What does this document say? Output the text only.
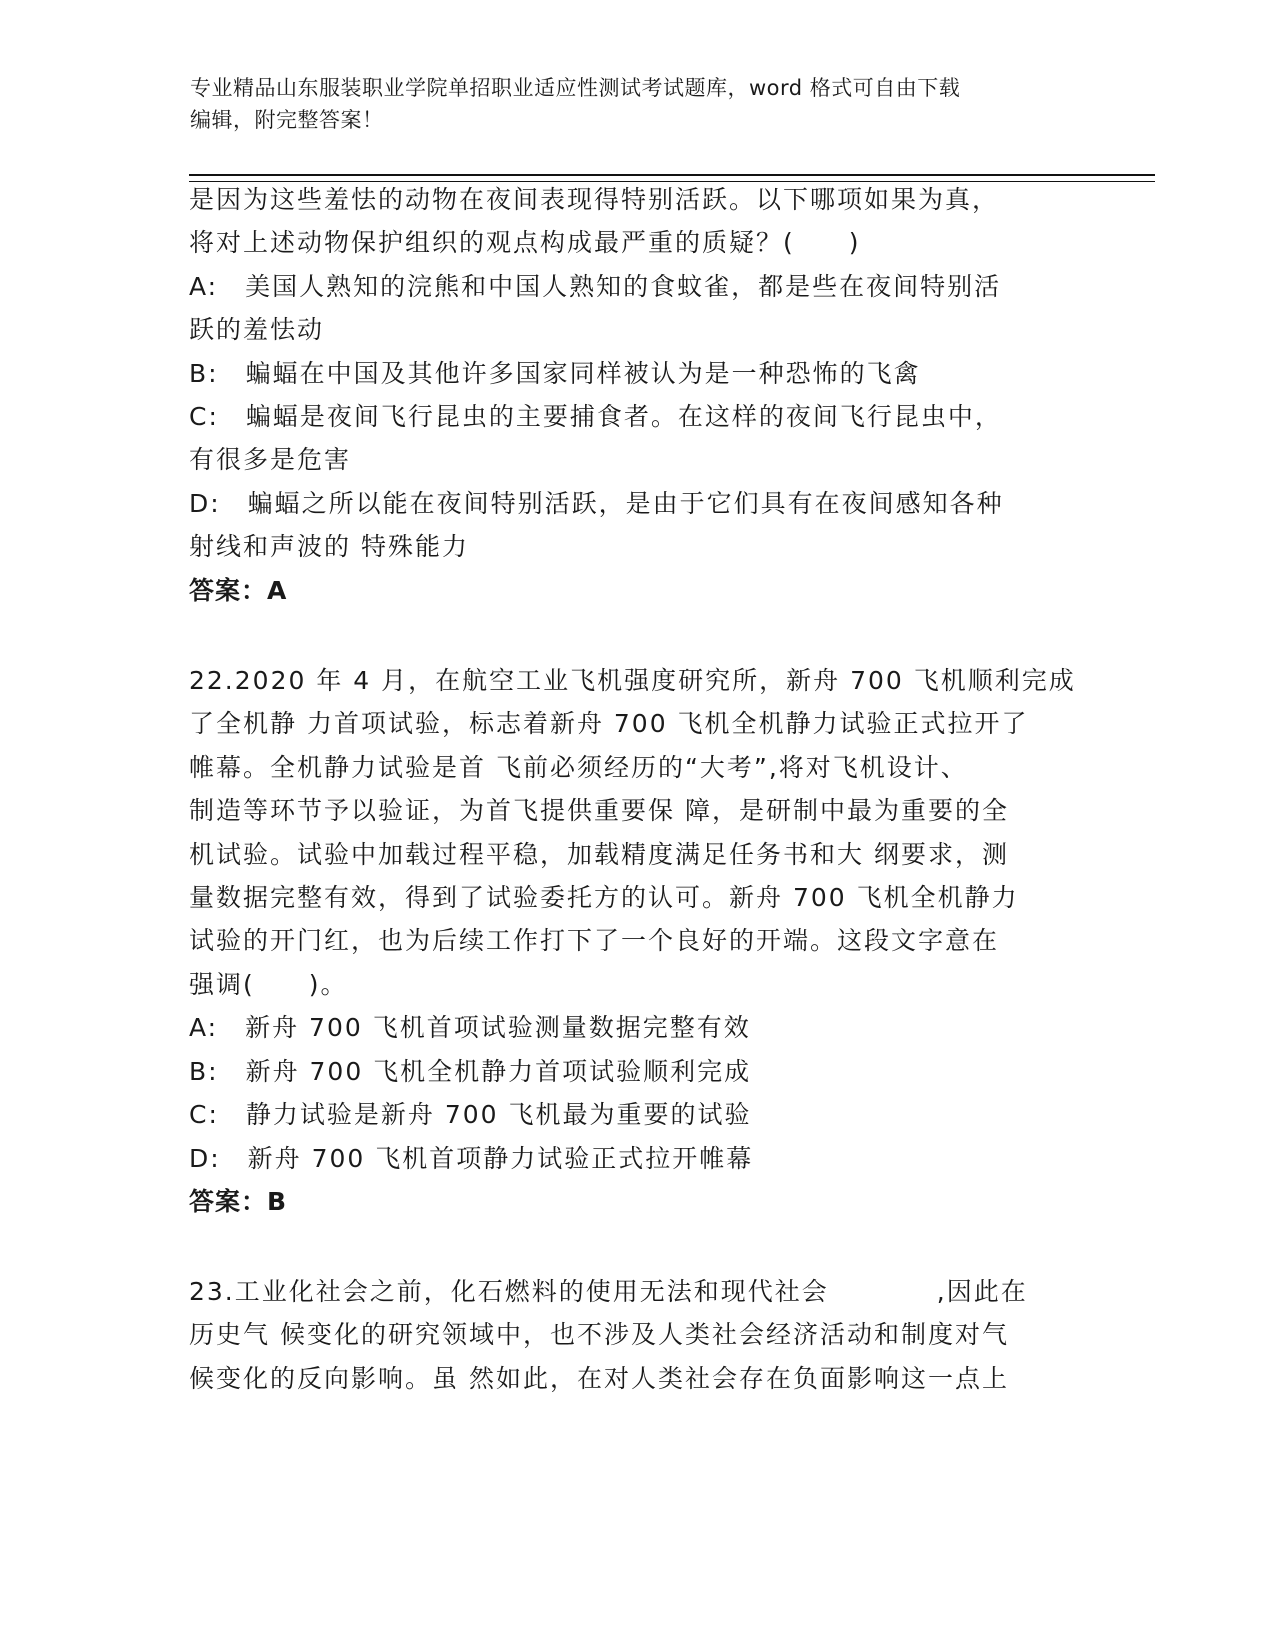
专业精品山东服装职业学院单招职业适应性测试考试题库，word 格式可自由下载
编辑，附完整答案！
是因为这些羞怯的动物在夜间表现得特别活跃。以下哪项如果为真，
将对上述动物保护组织的观点构成最严重的质疑？(　　)
A:　美国人熟知的浣熊和中国人熟知的食蚊雀，都是些在夜间特别活
跃的羞怯动
B:　蝙蝠在中国及其他许多国家同样被认为是一种恐怖的飞禽
C:　蝙蝠是夜间飞行昆虫的主要捕食者。在这样的夜间飞行昆虫中，
有很多是危害
D:　蝙蝠之所以能在夜间特别活跃，是由于它们具有在夜间感知各种
射线和声波的 特殊能力
答案：A
22.2020 年 4 月，在航空工业飞机强度研究所，新舟 700 飞机顺利完成
了全机静 力首项试验，标志着新舟 700 飞机全机静力试验正式拉开了
帷幕。全机静力试验是首 飞前必须经历的“大考”,将对飞机设计、
制造等环节予以验证，为首飞提供重要保 障，是研制中最为重要的全
机试验。试验中加载过程平稳，加载精度满足任务书和大 纲要求，测
量数据完整有效，得到了试验委托方的认可。新舟 700 飞机全机静力
试验的开门红，也为后续工作打下了一个良好的开端。这段文字意在
强调(　　)。
A:　新舟 700 飞机首项试验测量数据完整有效
B:　新舟 700 飞机全机静力首项试验顺利完成
C:　静力试验是新舟 700 飞机最为重要的试验
D:　新舟 700 飞机首项静力试验正式拉开帷幕
答案：B
23.工业化社会之前，化石燃料的使用无法和现代社会　　　　,因此在
历史气 候变化的研究领域中，也不涉及人类社会经济活动和制度对气
候变化的反向影响。虽 然如此，在对人类社会存在负面影响这一点上
